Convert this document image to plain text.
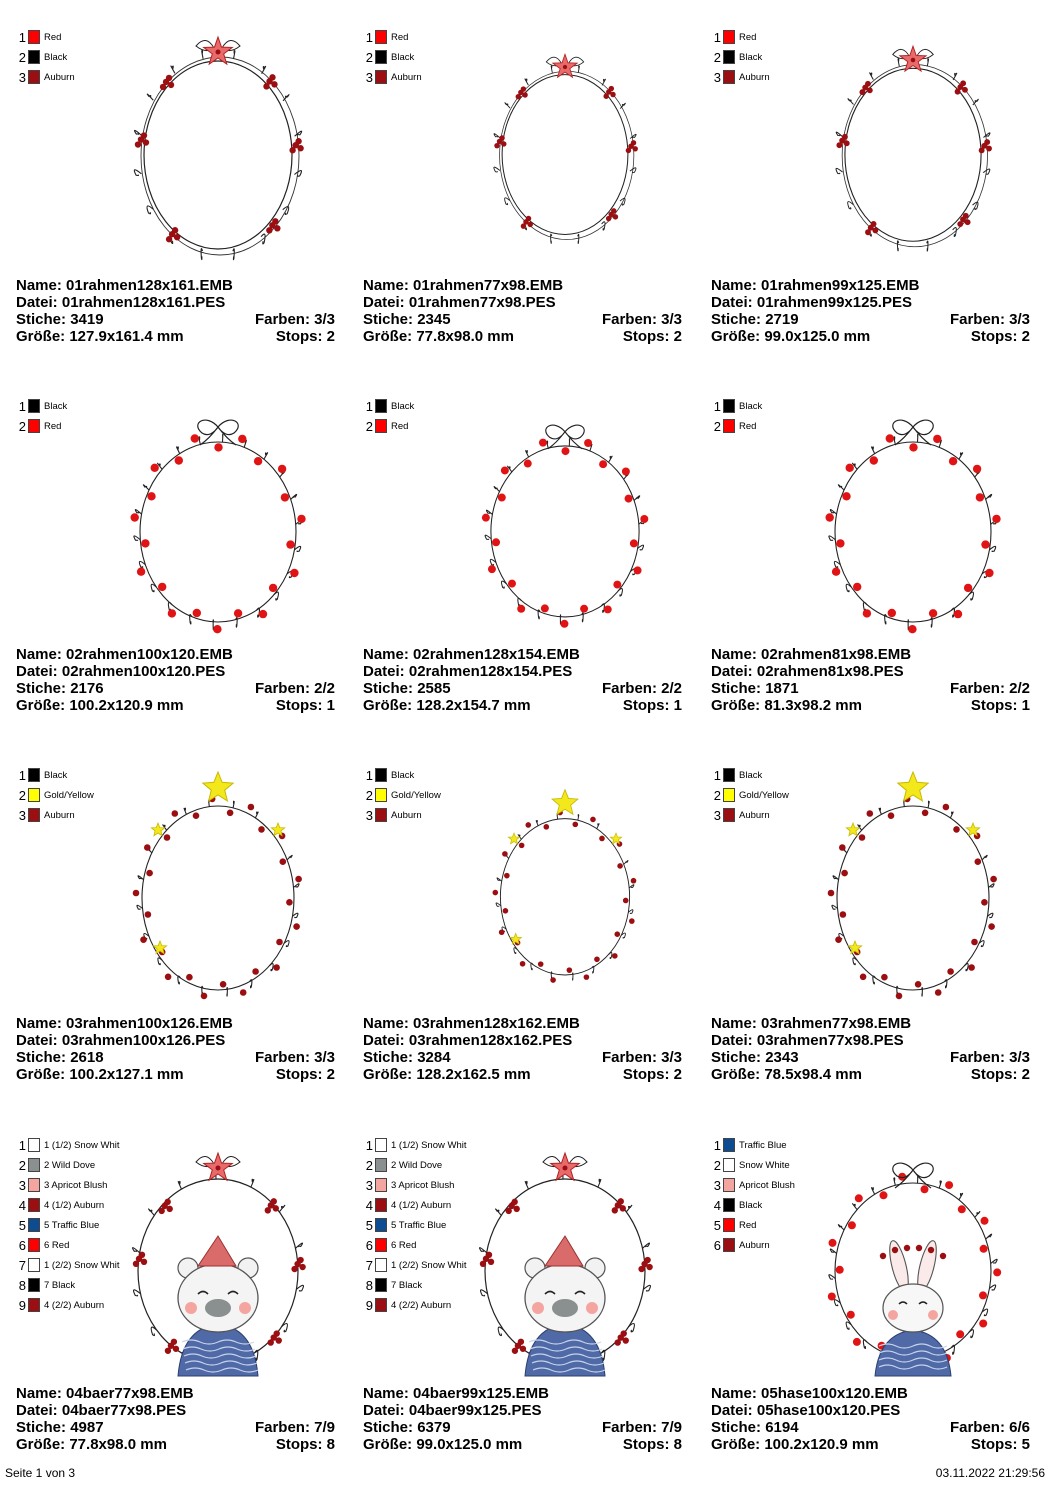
1 Red
2 Black
3 Auburn
Name: 01rahmen128x161.EMB
Datei: 01rahmen128x161.PES
Stiche: 3419	Farben: 3/3
Größe: 127.9x161.4 mm	Stops: 2
1 Red
2 Black
3 Auburn
Name: 01rahmen77x98.EMB
Datei: 01rahmen77x98.PES
Stiche: 2345	Farben: 3/3
Größe: 77.8x98.0 mm	Stops: 2
1 Red
2 Black
3 Auburn
Name: 01rahmen99x125.EMB
Datei: 01rahmen99x125.PES
Stiche: 2719	Farben: 3/3
Größe: 99.0x125.0 mm	Stops: 2
1 Black
2 Red
Name: 02rahmen100x120.EMB
Datei: 02rahmen100x120.PES
Stiche: 2176	Farben: 2/2
Größe: 100.2x120.9 mm	Stops: 1
1 Black
2 Red
Name: 02rahmen128x154.EMB
Datei: 02rahmen128x154.PES
Stiche: 2585	Farben: 2/2
Größe: 128.2x154.7 mm	Stops: 1
1 Black
2 Red
Name: 02rahmen81x98.EMB
Datei: 02rahmen81x98.PES
Stiche: 1871	Farben: 2/2
Größe: 81.3x98.2 mm	Stops: 1
1 Black
2 Gold/Yellow
3 Auburn
Name: 03rahmen100x126.EMB
Datei: 03rahmen100x126.PES
Stiche: 2618	Farben: 3/3
Größe: 100.2x127.1 mm	Stops: 2
1 Black
2 Gold/Yellow
3 Auburn
Name: 03rahmen128x162.EMB
Datei: 03rahmen128x162.PES
Stiche: 3284	Farben: 3/3
Größe: 128.2x162.5 mm	Stops: 2
1 Black
2 Gold/Yellow
3 Auburn
Name: 03rahmen77x98.EMB
Datei: 03rahmen77x98.PES
Stiche: 2343	Farben: 3/3
Größe: 78.5x98.4 mm	Stops: 2
1 1 (1/2) Snow Whit
2 2 Wild Dove
3 3 Apricot Blush
4 4 (1/2) Auburn
5 5 Traffic Blue
6 6 Red
7 1 (2/2) Snow Whit
8 7 Black
9 4 (2/2) Auburn
Name: 04baer77x98.EMB
Datei: 04baer77x98.PES
Stiche: 4987	Farben: 7/9
Größe: 77.8x98.0 mm	Stops: 8
1 1 (1/2) Snow Whit
2 2 Wild Dove
3 3 Apricot Blush
4 4 (1/2) Auburn
5 5 Traffic Blue
6 6 Red
7 1 (2/2) Snow Whit
8 7 Black
9 4 (2/2) Auburn
Name: 04baer99x125.EMB
Datei: 04baer99x125.PES
Stiche: 6379	Farben: 7/9
Größe: 99.0x125.0 mm	Stops: 8
1 Traffic Blue
2 Snow White
3 Apricot Blush
4 Black
5 Red
6 Auburn
Name: 05hase100x120.EMB
Datei: 05hase100x120.PES
Stiche: 6194	Farben: 6/6
Größe: 100.2x120.9 mm	Stops: 5
Seite 1 von 3	03.11.2022 21:29:56
